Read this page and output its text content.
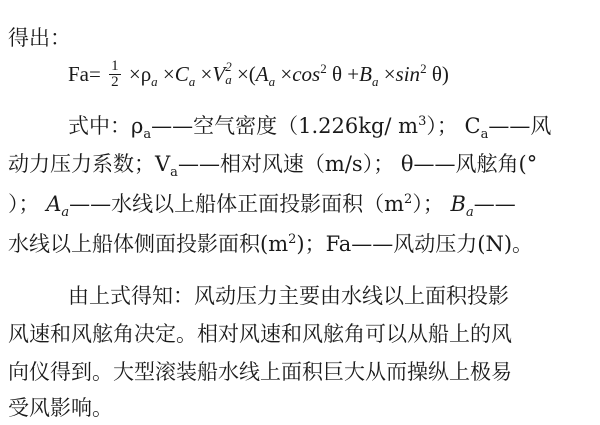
得出：
$Fa= \frac{1}{2} \times\rho_a \times C_a \times V$ 2
$a \times(A_a \times\cos^2$ $\theta +B_a \times\sin^2$ θ)
式中：$\rho_a——$空气密度（1.226kg/ $m^3$）； $C_a——$风
动力压力系数；$V_a——$相对风速（m/s）； θ——风舷角(°
）； $A_a——$水线以上船体正面投影面积$(m^2)$； $B_a——$
水线以上船体侧面投影面积$(m^2)$；Fa——风动压力(N)。
由上式得知：风动压力主要由水线以上面积投影
风速和风舷角决定。相对风速和风舷角可以从船上的风
向仪得到。大型滚装船水线上面积巨大从而操纵上极易
受风影响。
